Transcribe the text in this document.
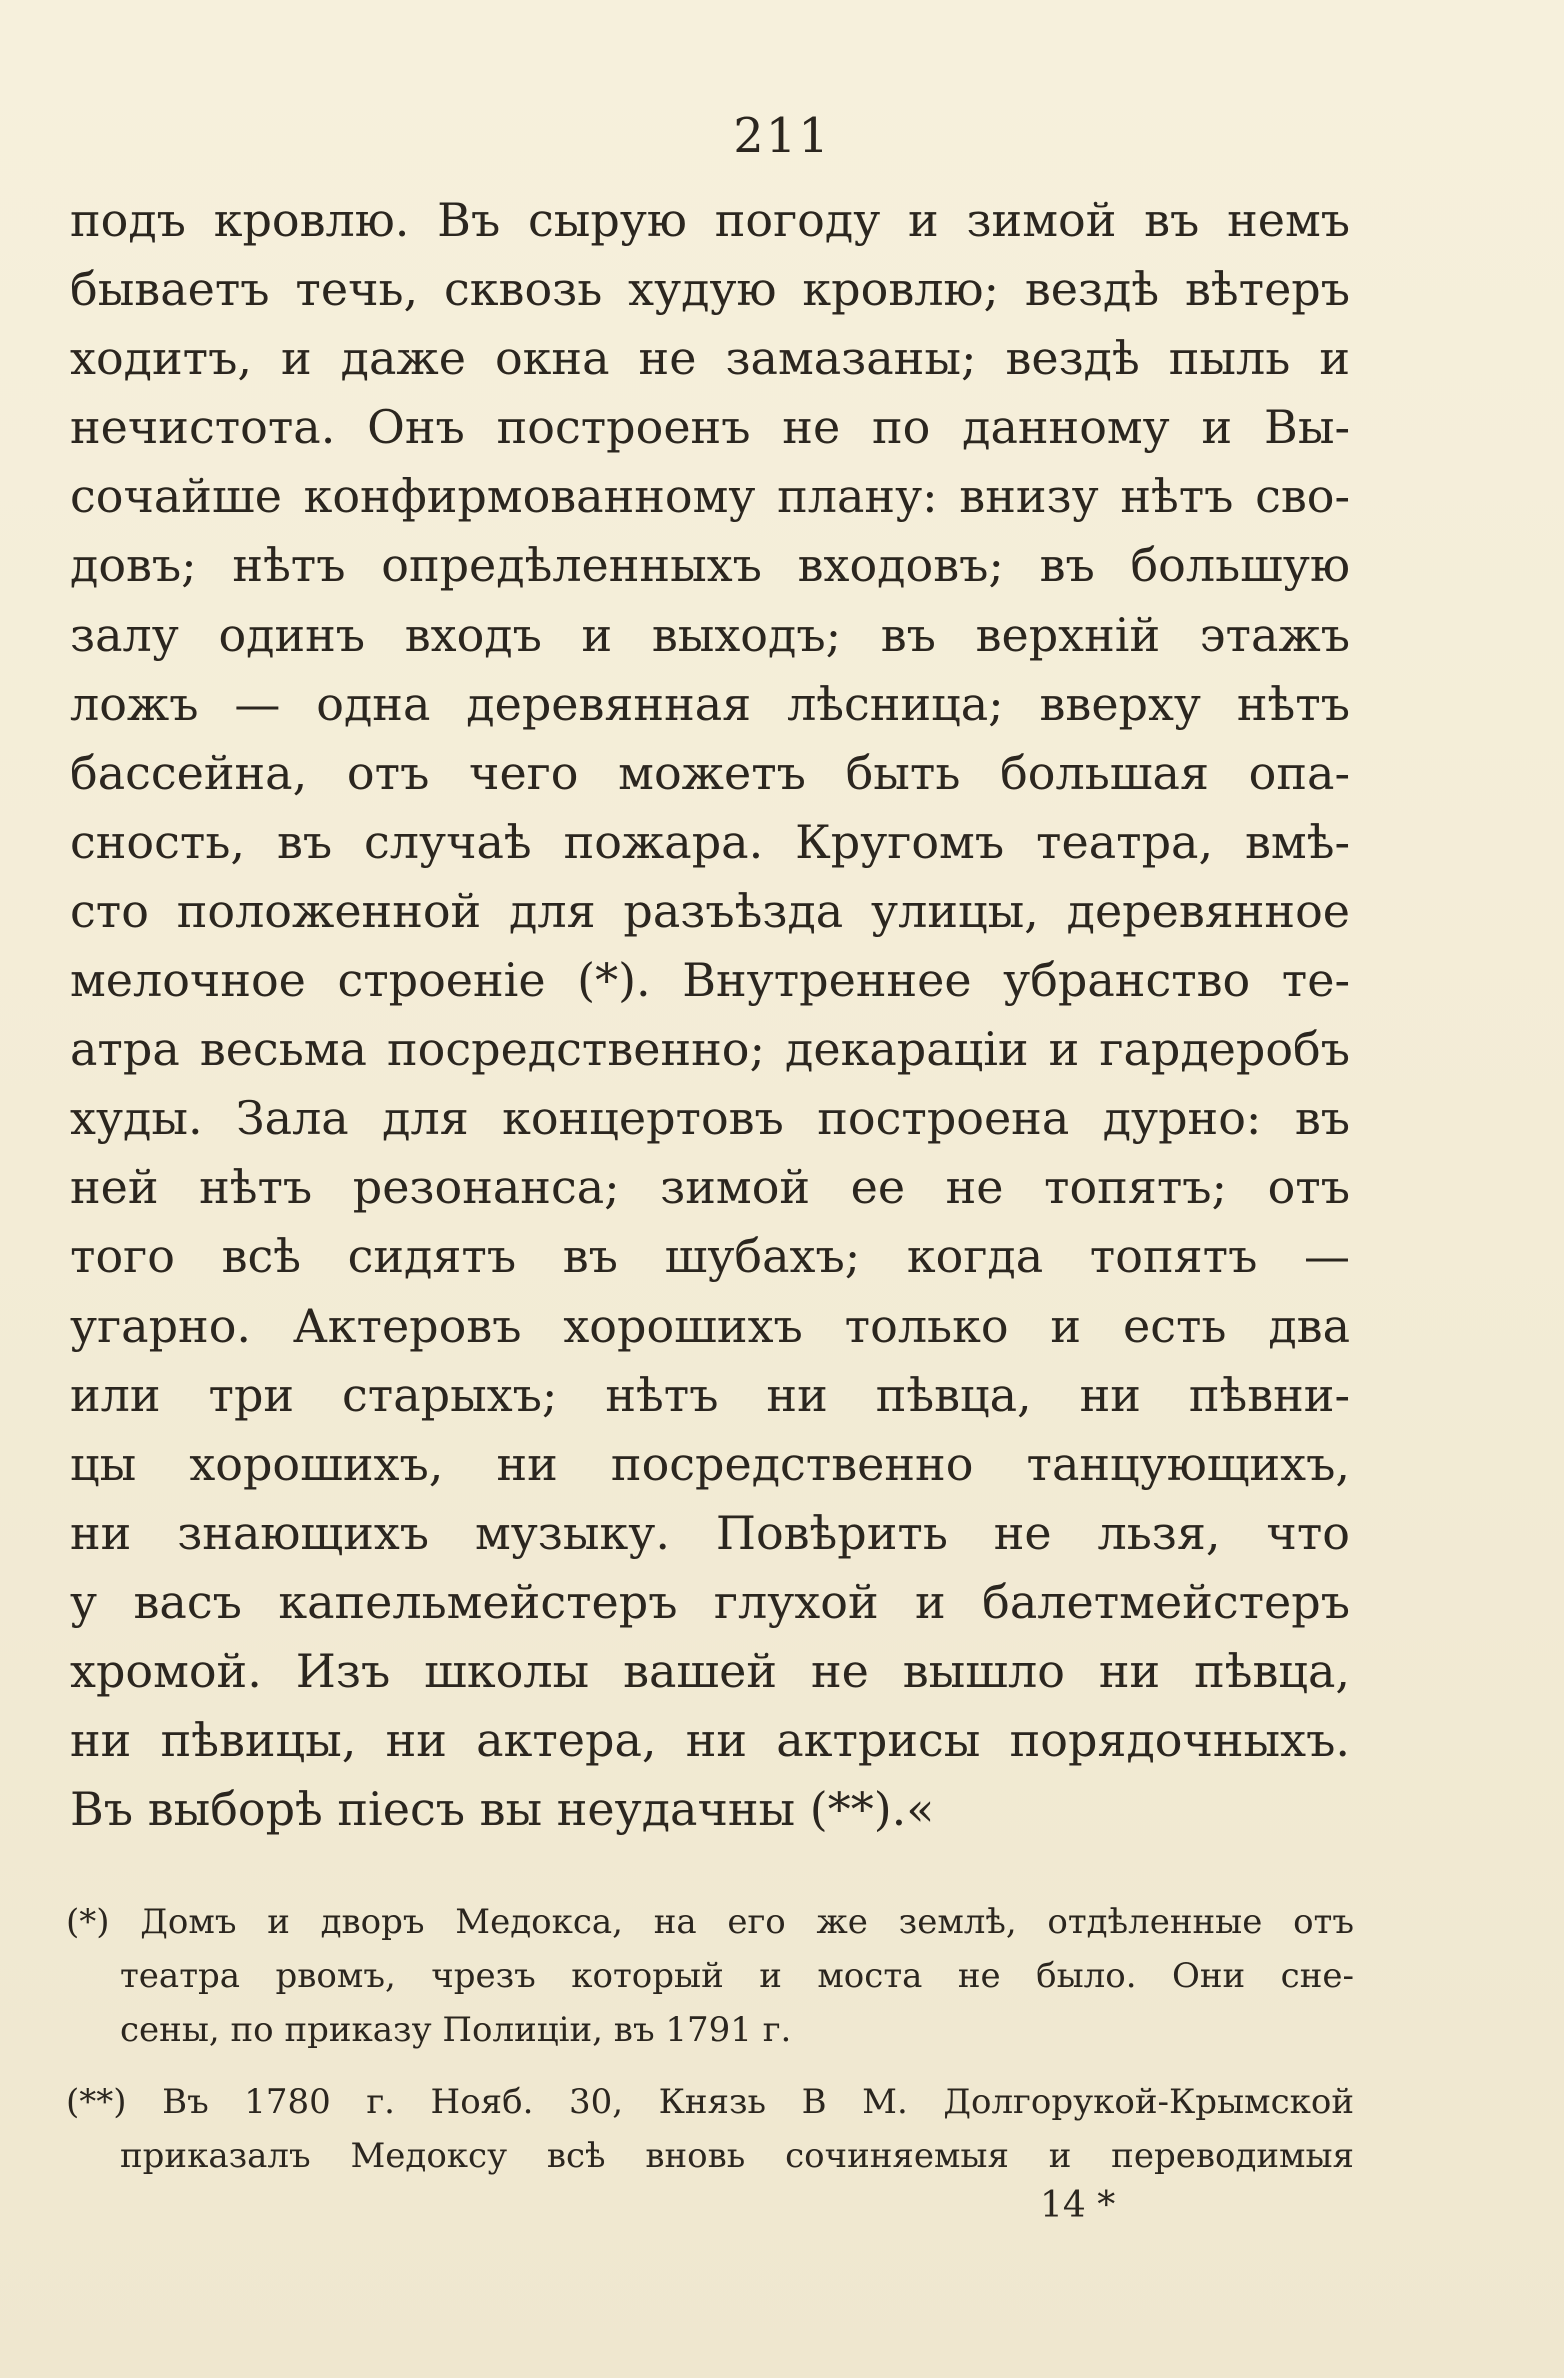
211
подъ кровлю. Въ сырую погоду и зимой въ немъ
бываетъ течь, сквозь худую кровлю; вездѣ вѣтеръ
ходитъ, и даже окна не замазаны; вездѣ пыль и
нечистота. Онъ построенъ не по данному и Вы-
сочайше конфирмованному плану: внизу нѣтъ сво-
довъ; нѣтъ опредѣленныхъ входовъ; въ большую
залу одинъ входъ и выходъ; въ верхній этажъ
ложъ — одна деревянная лѣсница; вверху нѣтъ
бассейна, отъ чего можетъ быть большая опа-
сность, въ случаѣ пожара. Кругомъ театра, вмѣ-
сто положенной для разъѣзда улицы, деревянное
мелочное строеніе (*). Внутреннее убранство те-
атра весьма посредственно; декараціи и гардеробъ
худы. Зала для концертовъ построена дурно: въ
ней нѣтъ резонанса; зимой ее не топятъ; отъ
того всѣ сидятъ въ шубахъ; когда топятъ —
угарно. Актеровъ хорошихъ только и есть два
или три старыхъ; нѣтъ ни пѣвца, ни пѣвни-
цы хорошихъ, ни посредственно танцующихъ,
ни знающихъ музыку. Повѣрить не льзя, что
у васъ капельмейстеръ глухой и балетмейстеръ
хромой. Изъ школы вашей не вышло ни пѣвца,
ни пѣвицы, ни актера, ни актрисы порядочныхъ.
Въ выборѣ піесъ вы неудачны (**).«
(*) Домъ и дворъ Медокса, на его же землѣ, отдѣленные отъ
театра рвомъ, чрезъ который и моста не было. Они сне-
сены, по приказу Полиціи, въ 1791 г.
(**) Въ 1780 г. Нояб. 30, Князь В М. Долгорукой-Крымской
приказалъ Медоксу всѣ вновь сочиняемыя и переводимыя
14 *
